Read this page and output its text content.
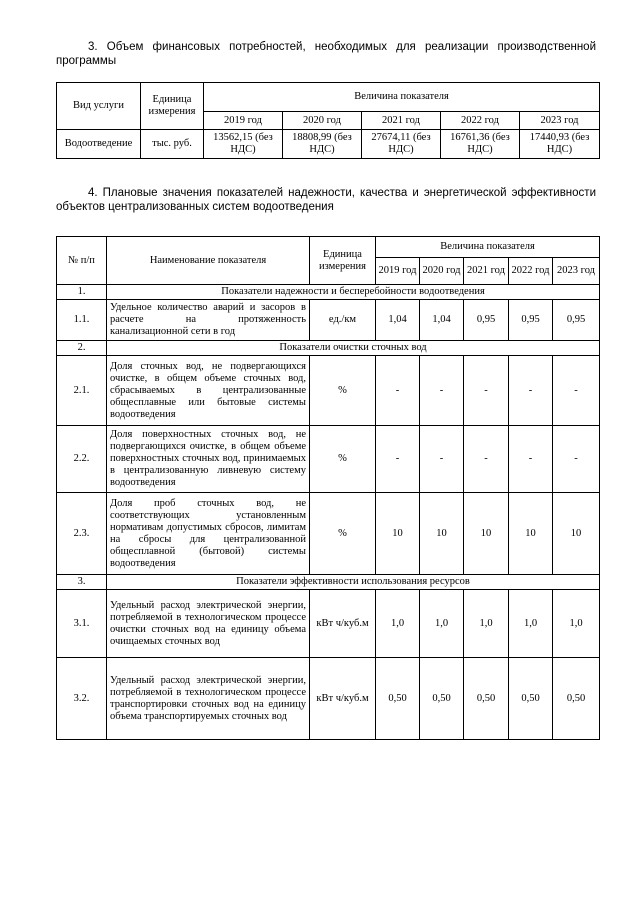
3. Объем финансовых потребностей, необходимых для реализации производственной программы
Вид услуги	Единица измерения	Величина показателя				
		2019 год	2020 год	2021 год	2022 год	2023 год
Водоотведение	тыс. руб.	13562,15 (без НДС)	18808,99 (без НДС)	27674,11 (без НДС)	16761,36 (без НДС)	17440,93 (без НДС)
4. Плановые значения показателей надежности, качества и энергетической эффективности объектов централизованных систем водоотведения
№ п/п	Наименование показателя	Единица измерения	Величина показателя				
			2019 год	2020 год	2021 год	2022 год	2023 год
1.	Показатели надежности и бесперебойности водоотведения						
1.1.	Удельное количество аварий и засоров в расчете на протяженность канализационной сети в год	ед./км	1,04	1,04	0,95	0,95	0,95
2.	Показатели очистки сточных вод						
2.1.	Доля сточных вод, не подвергающихся очистке, в общем объеме сточных вод, сбрасываемых в централизованные общесплавные или бытовые системы водоотведения	%	-	-	-	-	-
2.2.	Доля поверхностных сточных вод, не подвергающихся очистке, в общем объеме поверхностных сточных вод, принимаемых в централизованную ливневую систему водоотведения	%	-	-	-	-	-
2.3.	Доля проб сточных вод, не соответствующих установленным нормативам допустимых сбросов, лимитам на сбросы для централизованной общесплавной (бытовой) системы водоотведения	%	10	10	10	10	10
3.	Показатели эффективности использования ресурсов						
3.1.	Удельный расход электрической энергии, потребляемой в технологическом процессе очистки сточных вод на единицу объема очищаемых сточных вод	кВт ч/куб.м	1,0	1,0	1,0	1,0	1,0
3.2.	Удельный расход электрической энергии, потребляемой в технологическом процессе транспортировки сточных вод на единицу объема транспортируемых сточных вод	кВт ч/куб.м	0,50	0,50	0,50	0,50	0,50
